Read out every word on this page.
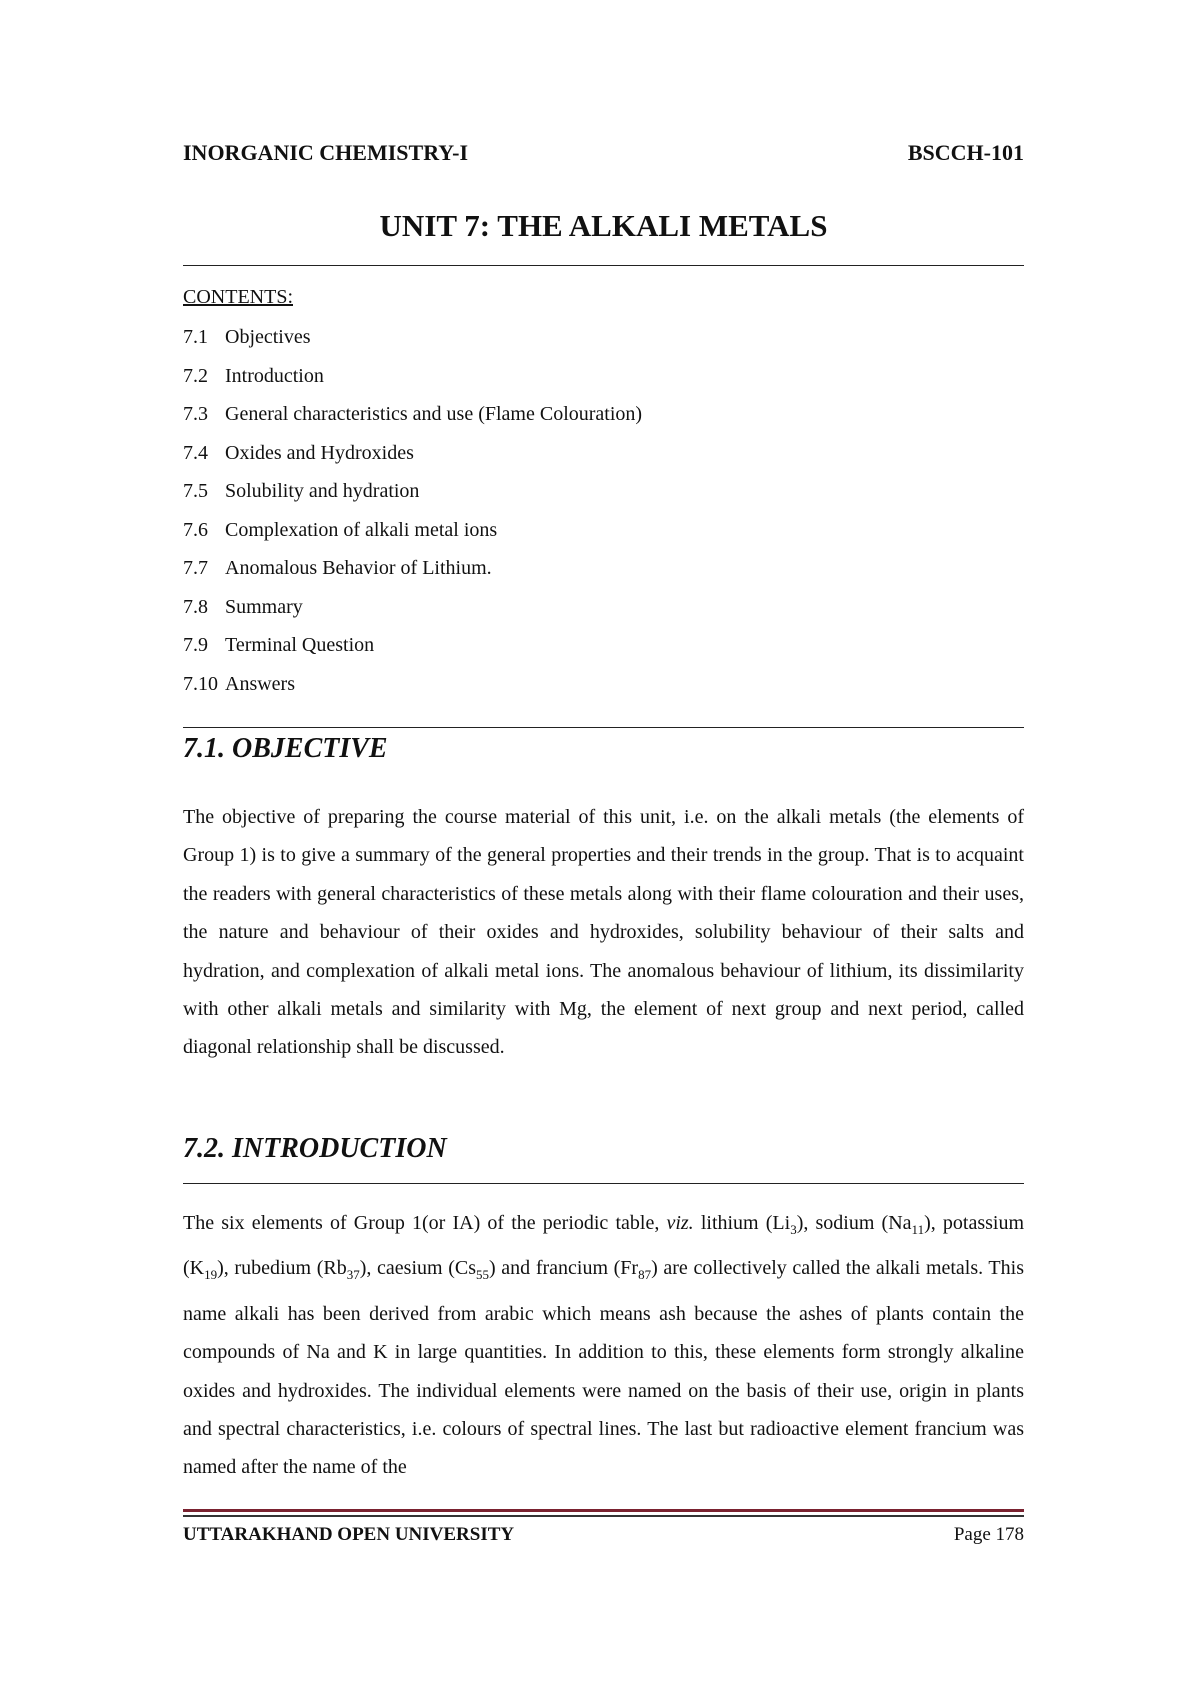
INORGANIC CHEMISTRY-I	BSCCH-101
UNIT 7: THE ALKALI METALS
CONTENTS:
7.1 Objectives
7.2 Introduction
7.3 General characteristics and use (Flame Colouration)
7.4 Oxides and Hydroxides
7.5 Solubility and hydration
7.6 Complexation of alkali metal ions
7.7 Anomalous Behavior of Lithium.
7.8 Summary
7.9 Terminal Question
7.10 Answers
7.1. OBJECTIVE

The objective of preparing the course material of this unit, i.e. on the alkali metals (the elements of Group 1) is to give a summary of the general properties and their trends in the group. That is to acquaint the readers with general characteristics of these metals along with their flame colouration and their uses, the nature and behaviour of their oxides and hydroxides, solubility behaviour of their salts and hydration, and complexation of alkali metal ions. The anomalous behaviour of lithium, its dissimilarity with other alkali metals and similarity with Mg, the element of next group and next period, called diagonal relationship shall be discussed.

7.2. INTRODUCTION

The six elements of Group 1(or IA) of the periodic table, viz. lithium $(Li_3)$, sodium $(Na_{11})$, potassium $(K_{19})$, rubedium $(Rb_{37})$, caesium $(Cs_{55})$ and francium $(Fr_{87})$ are collectively called the alkali metals. This name alkali has been derived from arabic which means ash because the ashes of plants contain the compounds of Na and K in large quantities. In addition to this, these elements form strongly alkaline oxides and hydroxides. The individual elements were named on the basis of their use, origin in plants and spectral characteristics, i.e. colours of spectral lines. The last but radioactive element francium was named after the name of the

UTTARAKHAND OPEN UNIVERSITY	Page 178
